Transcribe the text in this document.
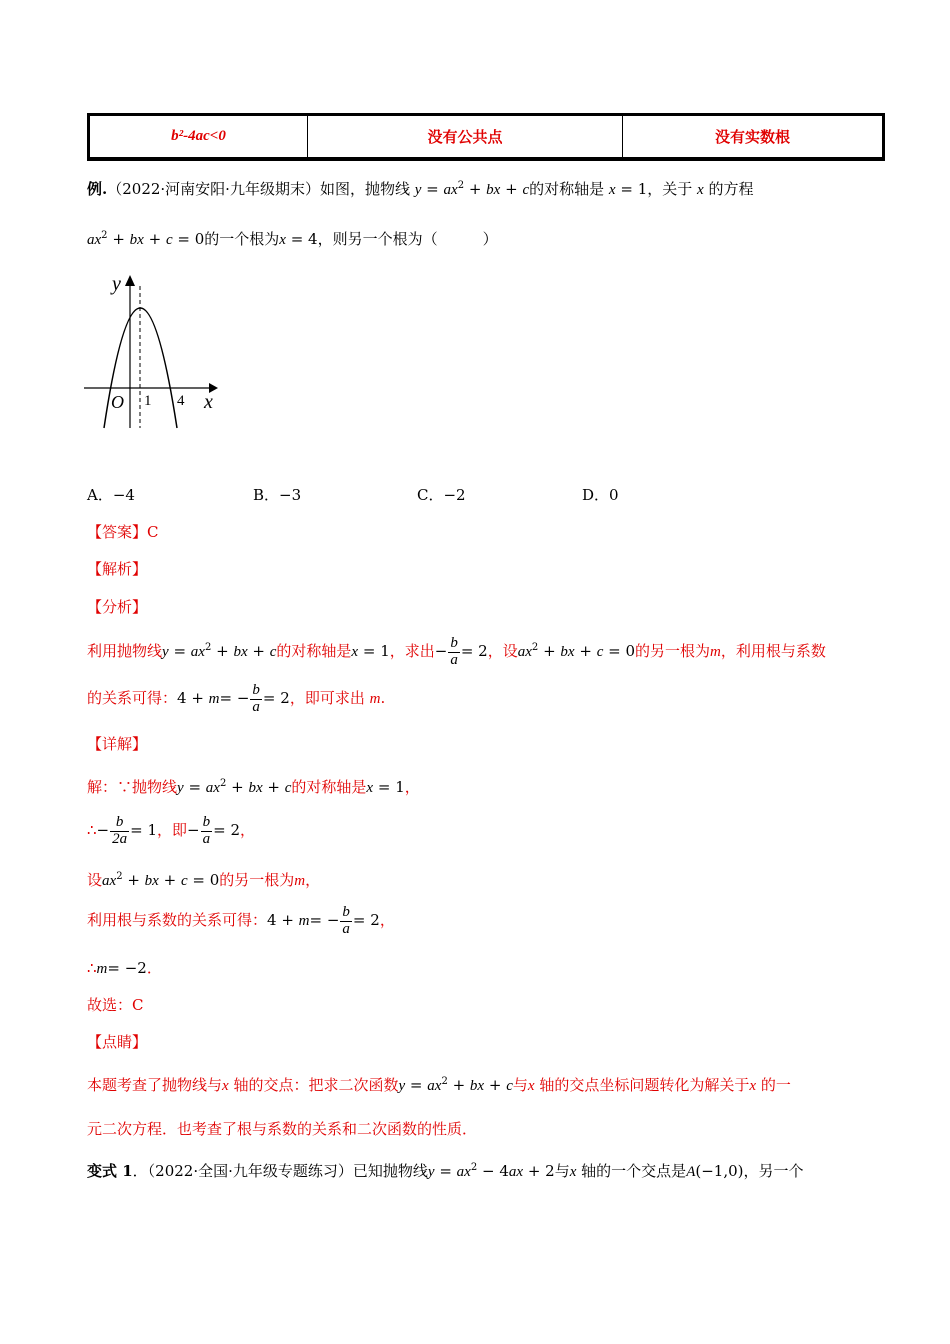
b²-4ac<0	没有公共点	没有实数根
例.（2022·河南安阳·九年级期末）如图，抛物线 $y = ax^2$ + bx + c的对称轴是 x = 1，关于 x 的方程
$ax^2$ + bx + c = 0的一个根为x = 4，则另一个根为（　　　）
y
x
O 1 4
A．−4	B．−3	C．−2	D．0
【答案】C
【解析】
【分析】
利用抛物线$y = ax^2$ + bx + c的对称轴是x = 1，求出− $\frac{b}{a} = 2$，设$ax^2$ + bx + c = 0的另一根为m，利用根与系数
的关系可得：$4 + m= - \frac{b}{a} = 2$，即可求出 m.
【详解】
解：∵抛物线$y = ax^2$ + bx + c的对称轴是x = 1，
∴− $\frac{b}{2a} = 1$，即− $\frac{b}{a} = 2$，
设$ax^2$ + bx + c = 0的另一根为m，
利用根与系数的关系可得：$4 + m= - \frac{b}{a} = 2$，
∴m= −2．
故选：C
【点睛】
本题考查了抛物线与x 轴的交点：把求二次函数$y = ax^2$ + bx + c与x 轴的交点坐标问题转化为解关于x 的一
元二次方程．也考查了根与系数的关系和二次函数的性质．
变式 1．（2022·全国·九年级专题练习）已知抛物线$y = ax^2 - 4ax + 2$与x 轴的一个交点是A(−1,0)，另一个
